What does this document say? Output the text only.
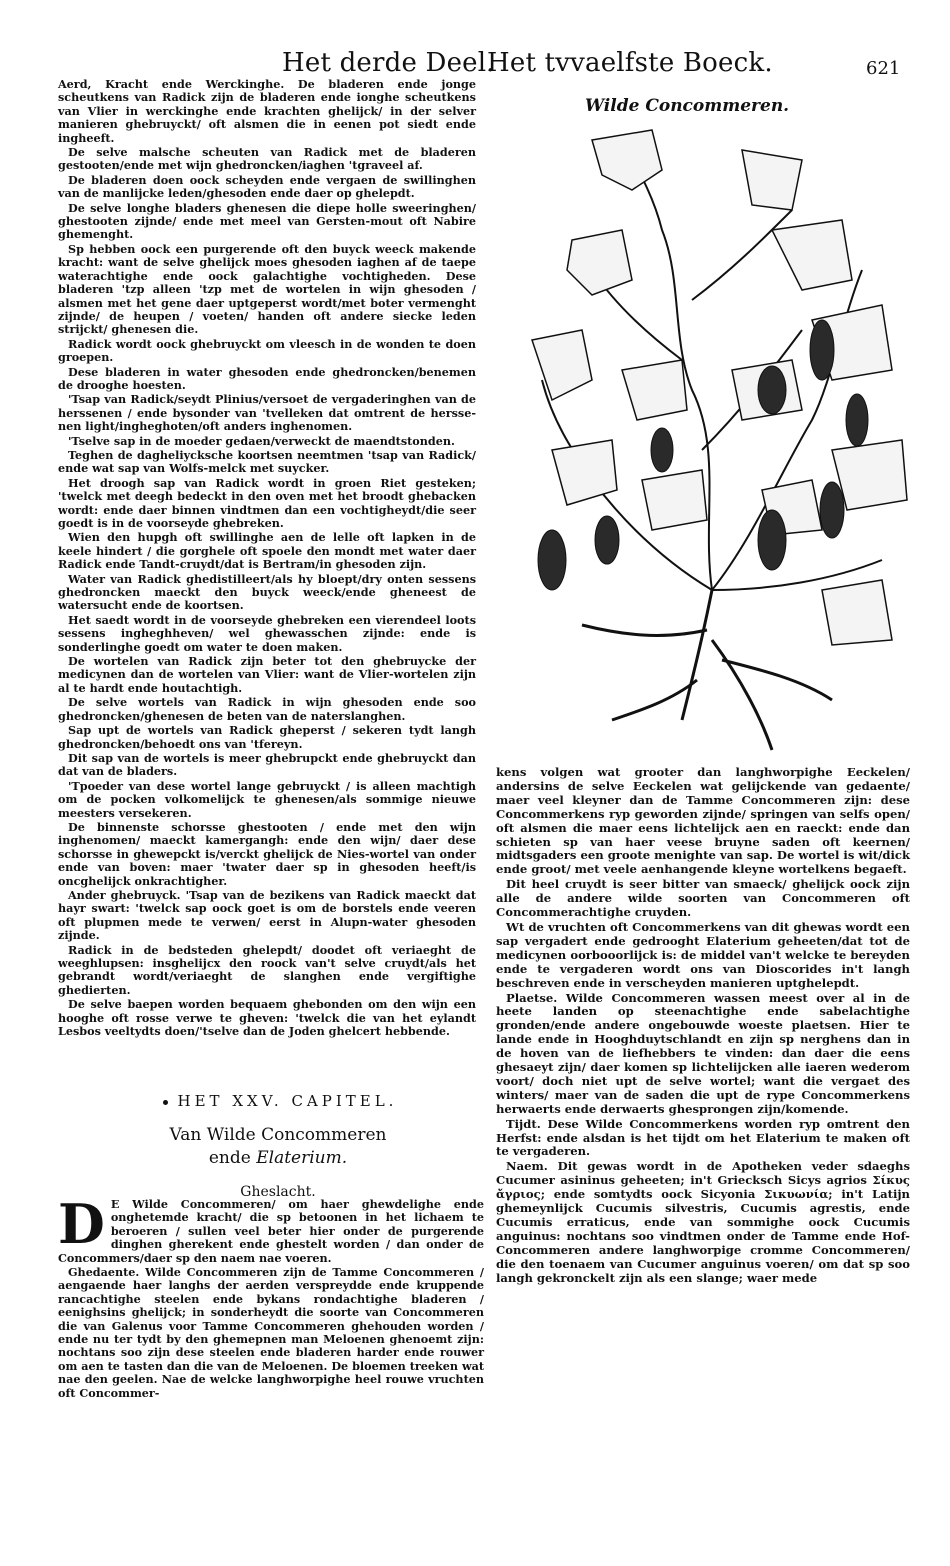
Het derde Deel.
Het tvvaelfste Boeck.	621

Aerd, Kracht ende Werckinghe. De bladeren ende jonge scheutkens van Radick zijn de bladeren ende ionghe scheutkens van Vlier in werckinghe ende krachten ghelijck/ in der selver manieren ghebruyckt/ oft alsmen die in eenen pot siedt ende ingheeft.

De selve malsche scheuten van Radick met de bladeren gestooten/ende met wijn ghedroncken/iaghen 'tgraveel af.

De bladeren doen oock scheyden ende vergaen de swillinghen van de manlijcke leden/ghesoden ende daer op ghelepdt.

De selve longhe bladers ghenesen die diepe holle sweeringhen/ ghestooten zijnde/ ende met meel van Gersten-mout oft Nabire ghemenght.

Sp hebben oock een purgerende oft den buyck weeck makende kracht: want de selve ghelijck moes ghesoden iaghen af de taepe waterachtighe ende oock galachtighe vochtigheden. Dese bladeren 'tzp alleen 'tzp met de wortelen in wijn ghesoden / alsmen met het gene daer uptgeperst wordt/met boter vermenght zijnde/ de heupen / voeten/ handen oft andere siecke leden strijckt/ ghenesen die.

Radick wordt oock ghebruyckt om vleesch in de wonden te doen groepen.

Dese bladeren in water ghesoden ende ghedroncken/benemen de drooghe hoesten.

'Tsap van Radick/seydt Plinius/versoet de vergaderinghen van de herssenen / ende bysonder van 'tvelleken dat omtrent de hersse-nen light/ingheghoten/oft anders inghenomen.

'Tselve sap in de moeder gedaen/verweckt de maendtstonden.

Teghen de dagheliycksche koortsen neemtmen 'tsap van Radick/ ende wat sap van Wolfs-melck met suycker.

Het droogh sap van Radick wordt in groen Riet gesteken; 'twelck met deegh bedeckt in den oven met het broodt ghebacken wordt: ende daer binnen vindtmen dan een vochtigheydt/die seer goedt is in de voorseyde ghebreken.

Wien den hupgh oft swillinghe aen de lelle oft lapken in de keele hindert / die gorghele oft spoele den mondt met water daer Radick ende Tandt-cruydt/dat is Bertram/in ghesoden zijn.

Water van Radick ghedistilleert/als hy bloept/dry onten sessens ghedroncken maeckt den buyck weeck/ende gheneest de watersucht ende de koortsen.

Het saedt wordt in de voorseyde ghebreken een vierendeel loots sessens ingheghheven/ wel ghewasschen zijnde: ende is sonderlinghe goedt om water te doen maken.

De wortelen van Radick zijn beter tot den ghebruycke der medicynen dan de wortelen van Vlier: want de Vlier-wortelen zijn al te hardt ende houtachtigh.

De selve wortels van Radick in wijn ghesoden ende soo ghedroncken/ghenesen de beten van de naterslanghen.

Sap upt de wortels van Radick gheperst / sekeren tydt langh ghedroncken/behoedt ons van 'tfereyn.

Dit sap van de wortels is meer ghebrupckt ende ghebruyckt dan dat van de bladers.

'Tpoeder van dese wortel lange gebruyckt / is alleen machtigh om de pocken volkomelijck te ghenesen/als sommige nieuwe meesters versekeren.

De binnenste schorsse ghestooten / ende met den wijn inghenomen/ maeckt kamergangh: ende den wijn/ daer dese schorsse in ghewepckt is/verckt ghelijck de Nies-wortel van onder ende van boven: maer 'twater daer sp in ghesoden heeft/is oncghelijck onkrachtigher.

Ander ghebruyck. 'Tsap van de bezikens van Radick maeckt dat hayr swart: 'twelck sap oock goet is om de borstels ende veeren oft plupmen mede te verwen/ eerst in Alupn-water ghesoden zijnde.

Radick in de bedsteden ghelepdt/ doodet oft veriaeght de weeghlupsen: insghelijcx den roock van't selve cruydt/als het gebrandt wordt/veriaeght de slanghen ende vergiftighe ghedierten.

De selve baepen worden bequaem ghebonden om den wijn een hooghe oft rosse verwe te gheven: 'twelck die van het eylandt Lesbos veeltydts doen/'tselve dan de Joden ghelcert hebbende.

HET XXV. CAPITEL.
Van Wilde Concommeren
ende Elaterium.
Gheslacht.

D E Wilde Concommeren/ om haer ghewdelighe ende onghetemde kracht/ die sp betoonen in het lichaem te beroeren / sullen veel beter hier onder de purgerende dinghen gherekent ende ghestelt worden / dan onder de Concommers/daer sp den naem nae voeren.

Ghedaente. Wilde Concommeren zijn de Tamme Concommeren / aengaende haer langhs der aerden verspreydde ende kruppende rancachtighe steelen ende bykans rondachtighe bladeren / eenighsins ghelijck; in sonderheydt die soorte van Concommeren die van Galenus voor Tamme Concommeren ghehouden worden / ende nu ter tydt by den ghemepnen man Meloenen ghenoemt zijn: nochtans soo zijn dese steelen ende bladeren harder ende rouwer om aen te tasten dan die van de Meloenen. De bloemen treeken wat nae den geelen. Nae de welcke langhworpighe heel rouwe vruchten oft Concommer-

Wilde Concommeren.

kens volgen wat grooter dan langhworpighe Eeckelen/ andersins de selve Eeckelen wat gelijckende van gedaente/ maer veel kleyner dan de Tamme Concommeren zijn: dese Concommerkens ryp geworden zijnde/ springen van selfs open/ oft alsmen die maer eens lichtelijck aen en raeckt: ende dan schieten sp van haer veese bruyne saden oft keernen/ midtsgaders een groote menighte van sap. De wortel is wit/dick ende groot/ met veele aenhangende kleyne wortelkens begaeft.

Dit heel cruydt is seer bitter van smaeck/ ghelijck oock zijn alle de andere wilde soorten van Concommeren oft Concommerachtighe cruyden.

Wt de vruchten oft Concommerkens van dit ghewas wordt een sap vergadert ende gedrooght Elaterium geheeten/dat tot de medicynen oorbooorlijck is: de middel van't welcke te bereyden ende te vergaderen wordt ons van Dioscorides in't langh beschreven ende in verscheyden manieren uptghelepdt.

Plaetse. Wilde Concommeren wassen meest over al in de heete landen op steenachtighe ende sabelachtighe gronden/ende andere ongebouwde woeste plaetsen. Hier te lande ende in Hooghduytschlandt en zijn sp nerghens dan in de hoven van de liefhebbers te vinden: dan daer die eens ghesaeyt zijn/ daer komen sp lichtelijcken alle iaeren wederom voort/ doch niet upt de selve wortel; want die vergaet des winters/ maer van de saden die upt de rype Concommerkens herwaerts ende derwaerts ghesprongen zijn/komende.

Tijdt. Dese Wilde Concommerkens worden ryp omtrent den Herfst: ende alsdan is het tijdt om het Elaterium te maken oft te vergaderen.

Naem. Dit gewas wordt in de Apotheken veder sdaeghs Cucumer asininus geheeten; in't Griecksch Sicys agrios Σίκυς ἄγριος; ende somtydts oock Sicyonia Σικυωνία; in't Latijn ghemeynlijck Cucumis silvestris, Cucumis agrestis, ende Cucumis erraticus, ende van sommighe oock Cucumis anguinus: nochtans soo vindtmen onder de Tamme ende Hof-Concommeren andere langhworpige cromme Concommeren/ die den toenaem van Cucumer anguinus voeren/ om dat sp soo langh gekronckelt zijn als een slange; waer mede
